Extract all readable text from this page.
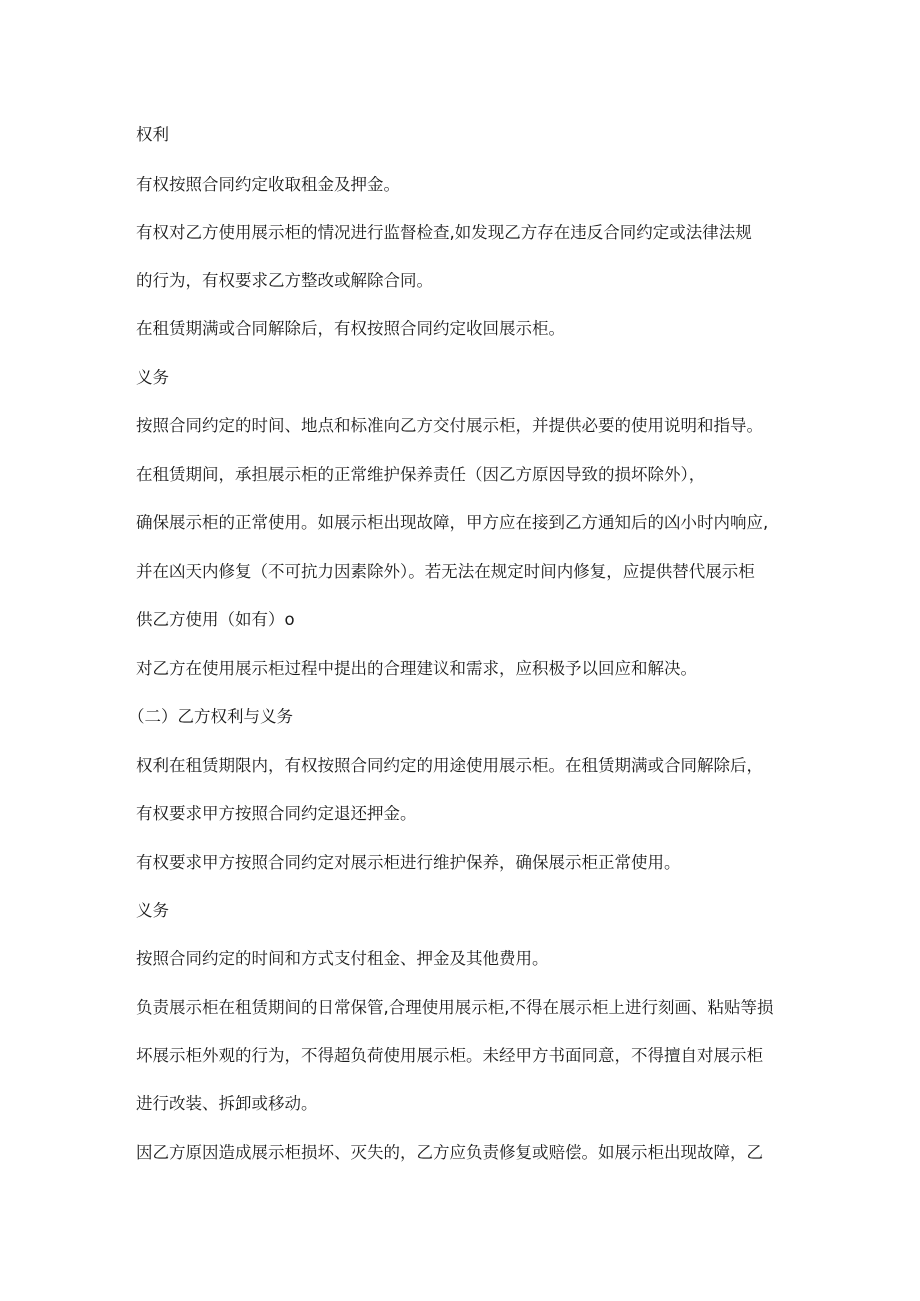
权利
有权按照合同约定收取租金及押金。
有权对乙方使用展示柜的情况进行监督检查,如发现乙方存在违反合同约定或法律法规
的行为，有权要求乙方整改或解除合同。
在租赁期满或合同解除后，有权按照合同约定收回展示柜。
义务
按照合同约定的时间、地点和标准向乙方交付展示柜，并提供必要的使用说明和指导。
在租赁期间，承担展示柜的正常维护保养责任（因乙方原因导致的损坏除外），
确保展示柜的正常使用。如展示柜出现故障，甲方应在接到乙方通知后的凶小时内响应,
并在凶天内修复（不可抗力因素除外）。若无法在规定时间内修复，应提供替代展示柜
供乙方使用（如有）o
对乙方在使用展示柜过程中提出的合理建议和需求，应积极予以回应和解决。
（二）乙方权利与义务
权利在租赁期限内，有权按照合同约定的用途使用展示柜。在租赁期满或合同解除后，
有权要求甲方按照合同约定退还押金。
有权要求甲方按照合同约定对展示柜进行维护保养，确保展示柜正常使用。
义务
按照合同约定的时间和方式支付租金、押金及其他费用。
负责展示柜在租赁期间的日常保管,合理使用展示柜,不得在展示柜上进行刻画、粘贴等损
坏展示柜外观的行为，不得超负荷使用展示柜。未经甲方书面同意，不得擅自对展示柜
进行改装、拆卸或移动。
因乙方原因造成展示柜损坏、灭失的，乙方应负责修复或赔偿。如展示柜出现故障，乙
